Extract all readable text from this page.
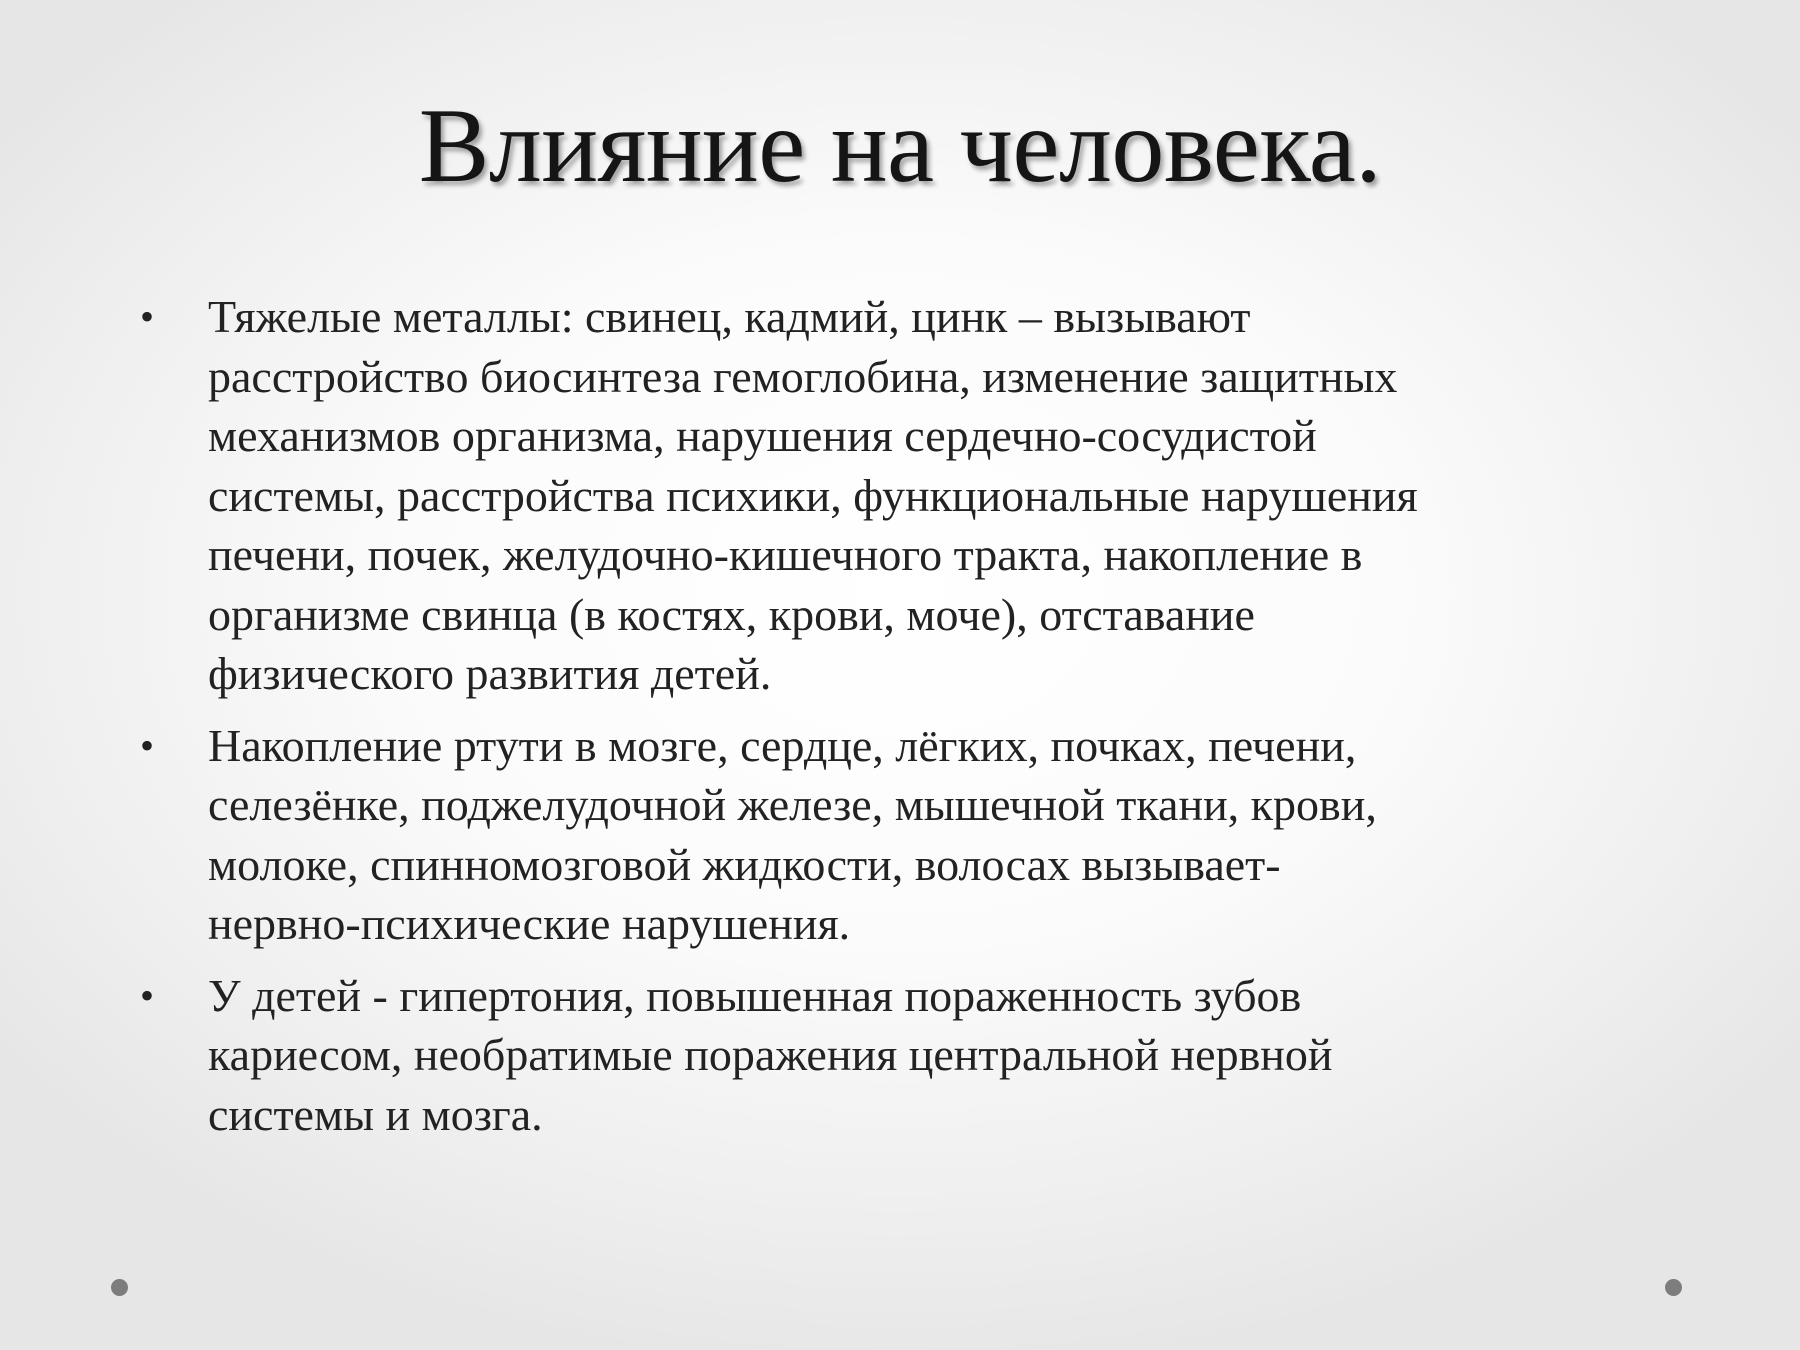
Влияние на человека.
• Тяжелые металлы: свинец, кадмий, цинк – вызывают
расстройство биосинтеза гемоглобина, изменение защитных
механизмов организма, нарушения сердечно-сосудистой
системы, расстройства психики, функциональные нарушения
печени, почек, желудочно-кишечного тракта, накопление в
организме свинца (в костях, крови, моче), отставание
физического развития детей.
• Накопление ртути в мозге, сердце, лёгких, почках, печени,
селезёнке, поджелудочной железе, мышечной ткани, крови,
молоке, спинномозговой жидкости, волосах вызывает-
нервно-психические нарушения.
• У детей - гипертония, повышенная пораженность зубов
кариесом, необратимые поражения центральной нервной
системы и мозга.
